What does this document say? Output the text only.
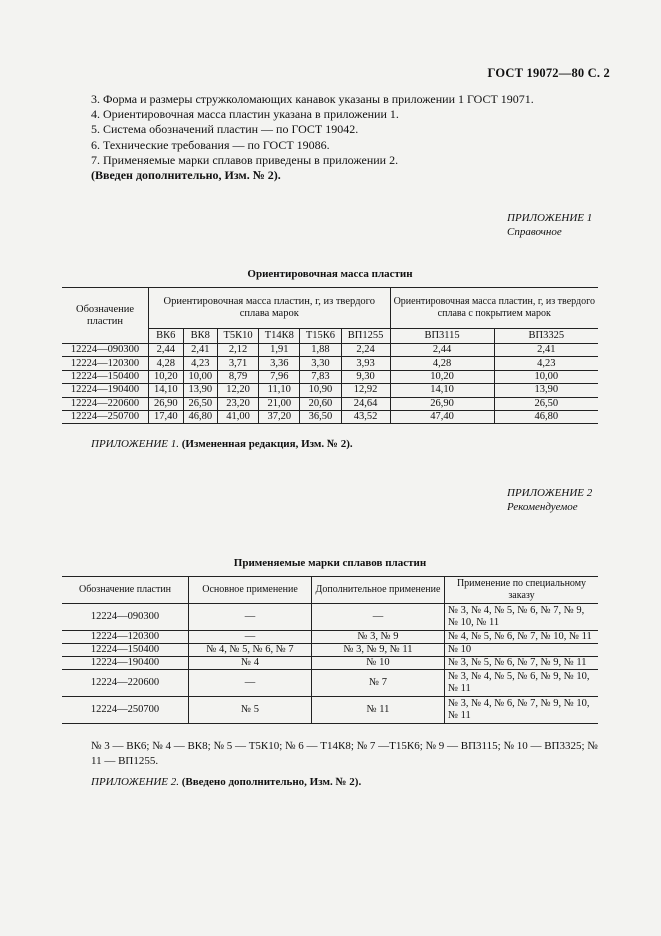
ГОСТ 19072—80 С. 2
3. Форма и размеры стружколомающих канавок указаны в приложении 1 ГОСТ 19071.
4. Ориентировочная масса пластин указана в приложении 1.
5. Система обозначений пластин — по ГОСТ 19042.
6. Технические требования — по ГОСТ 19086.
7. Применяемые марки сплавов приведены в приложении 2.
(Введен дополнительно, Изм. № 2).
ПРИЛОЖЕНИЕ 1
Справочное
Ориентировочная масса пластин
Обозначение пластин	Ориентировочная масса пластин, г, из твердого сплава марок						Ориентировочная масса пластин, г, из твердого сплава с покрытием марок	
	ВК6	ВК8	Т5К10	Т14К8	Т15К6	ВП1255	ВП3115	ВП3325
12224—090300	2,44	2,41	2,12	1,91	1,88	2,24	2,44	2,41
12224—120300	4,28	4,23	3,71	3,36	3,30	3,93	4,28	4,23
12224—150400	10,20	10,00	8,79	7,96	7,83	9,30	10,20	10,00
12224—190400	14,10	13,90	12,20	11,10	10,90	12,92	14,10	13,90
12224—220600	26,90	26,50	23,20	21,00	20,60	24,64	26,90	26,50
12224—250700	17,40	46,80	41,00	37,20	36,50	43,52	47,40	46,80
ПРИЛОЖЕНИЕ 1. (Измененная редакция, Изм. № 2).
ПРИЛОЖЕНИЕ 2
Рекомендуемое
Применяемые марки сплавов пластин
Обозначение пластин	Основное применение	Дополнительное применение	Применение по специальному заказу
12224—090300	—	—	№ 3, № 4, № 5, № 6, № 7, № 9, № 10, № 11
12224—120300	—	№ 3, № 9	№ 4, № 5, № 6, № 7, № 10, № 11
12224—150400	№ 4, № 5, № 6, № 7	№ 3, № 9, № 11	№ 10
12224—190400	№ 4	№ 10	№ 3, № 5, № 6, № 7, № 9, № 11
12224—220600	—	№ 7	№ 3, № 4, № 5, № 6, № 9, № 10, № 11
12224—250700	№ 5	№ 11	№ 3, № 4, № 6, № 7, № 9, № 10, № 11
№ 3 — ВК6; № 4 — ВК8; № 5 — Т5К10; № 6 — Т14К8; № 7 —Т15К6; № 9 — ВП3115; № 10 — ВП3325; № 11 — ВП1255.
ПРИЛОЖЕНИЕ 2. (Введено дополнительно, Изм. № 2).
